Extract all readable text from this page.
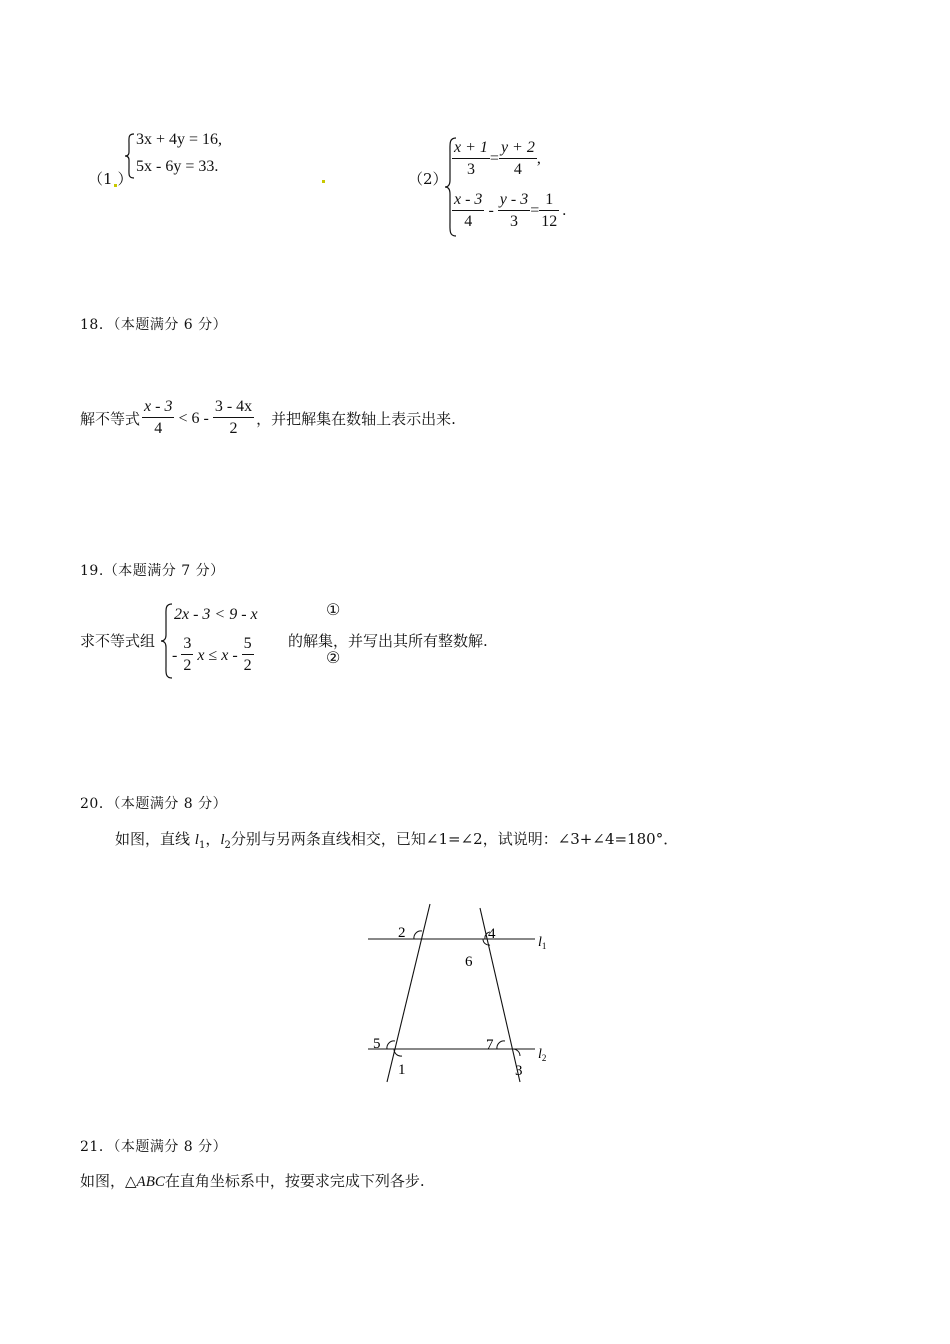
（1 ）
3x + 4y = 16,
5x - 6y = 33.
$(2) \frac{x + 1}{3} = \frac{y + 2}{4}$ ,
$\frac{x - 3}{4} - \frac{y - 3}{3} = \frac{1}{12}$ .
18．（本题满分 6 分）
解不等式 $\frac{x - 3}{4} < 6 - \frac{3 - 4x}{2}$ ，并把解集在数轴上表示出来.
19.（本题满分 7 分）
求不等式组
2x - 3 < 9 - x
- $\frac{3}{2}$ $x \le x - \frac{5}{2}$
①
②
的解集，并写出其所有整数解.
20．（本题满分 8 分）
如图，直线 $l_1$，$l_2$分别与另两条直线相交，已知∠1=∠2，试说明：∠3+∠4=180°．
2	4
6
5	7
1	3
$l_1$
$l_2$
21．（本题满分 8 分）
如图，△ABC在直角坐标系中，按要求完成下列各步.
